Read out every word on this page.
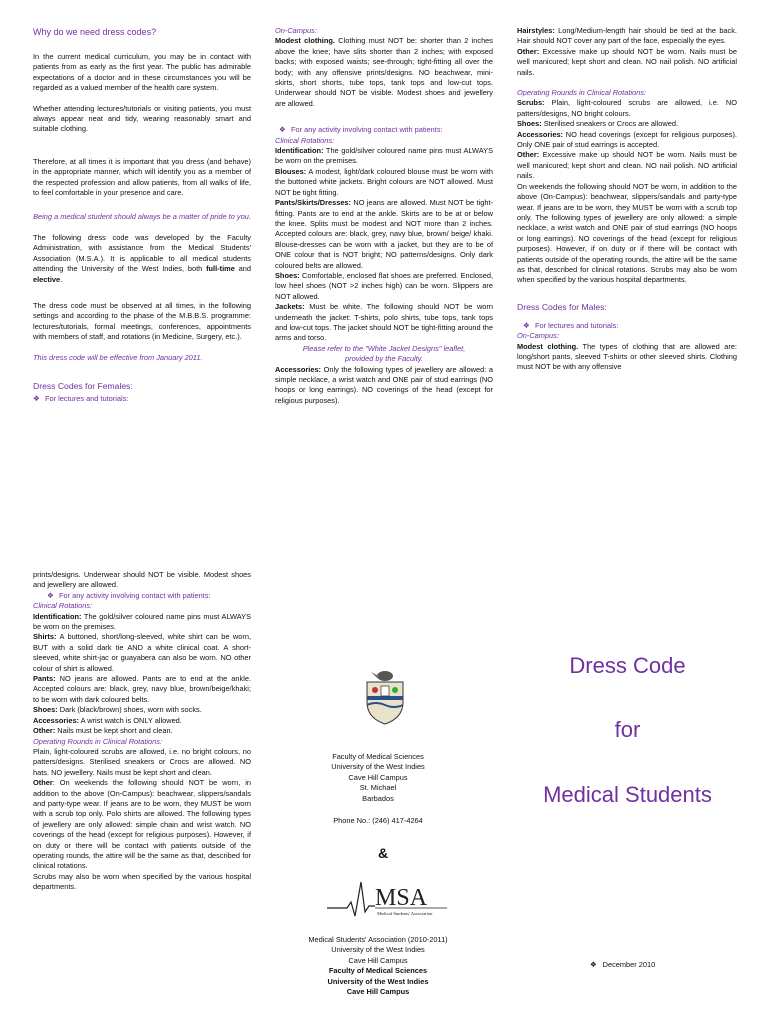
Why do we need dress codes?

In the current medical curriculum, you may be in contact with patients from as early as the first year. The public has admirable expectations of a doctor and in these circumstances you will be regarded as a valued member of the health care system.

Whether attending lectures/tutorials or visiting patients, you must always appear neat and tidy, wearing reasonably smart and suitable clothing.

Therefore, at all times it is important that you dress (and behave) in the appropriate manner, which will identify you as a member of the respected profession and allow patients, from all walks of life, to feel comfortable in your presence and care.

Being a medical student should always be a matter of pride to you.

The following dress code was developed by the Faculty Administration, with assistance from the Medical Students' Association (M.S.A.). It is applicable to all medical students attending the University of the West Indies, both full-time and elective.

The dress code must be observed at all times, in the following settings and according to the phase of the M.B.B.S. programme: lectures/tutorials, formal meetings, conferences, appointments with members of staff, and rotations (in Medicine, Surgery, etc.).

This dress code will be effective from January 2011.

Dress Codes for Females:
❖ For lectures and tutorials:
On-Campus:

Modest clothing. Clothing must NOT be: shorter than 2 inches above the knee; have slits shorter than 2 inches; with exposed backs; with exposed waists; see-through; tight-fitting all over the body; with any offensive prints/designs. NO beachwear, mini-skirts, short shorts, tube tops, tank tops and low-cut tops. Underwear should NOT be visible. Modest shoes and jewellery are allowed.

❖ For any activity involving contact with patients:
Clinical Rotations:

Identification: The gold/silver coloured name pins must ALWAYS be worn on the premises.

Blouses: A modest, light/dark coloured blouse must be worn with the buttoned white jackets. Bright colours are NOT allowed. Must NOT be tight fitting.

Pants/Skirts/Dresses: NO jeans are allowed. Must NOT be tight-fitting. Pants are to end at the ankle. Skirts are to be at or below the knee. Splits must be modest and NOT more than 2 inches. Accepted colours are: black, grey, navy blue, brown/ beige/ khaki. Blouse-dresses can be worn with a jacket, but they are to be of ONE colour that is NOT bright; NO patterns/designs. Only dark coloured belts are allowed.

Shoes: Comfortable, enclosed flat shoes are preferred. Enclosed, low heel shoes (NOT >2 inches high) can be worn. Slippers are NOT allowed.

Jackets: Must be white. The following should NOT be worn underneath the jacket: T-shirts, polo shirts, tube tops, tank tops and low-cut tops. The jacket should NOT be tight-fitting around the arms and torso.

Please refer to the "White Jacket Designs" leaflet, provided by the Faculty.

Accessories: Only the following types of jewellery are allowed: a simple necklace, a wrist watch and ONE pair of stud earrings (NO hoops or long earrings). NO coverings of the head (except for religious purposes).

Hairstyles: Long/Medium-length hair should be tied at the back. Hair should NOT cover any part of the face, especially the eyes.

Other: Excessive make up should NOT be worn. Nails must be well manicured; kept short and clean. NO nail polish. NO artificial nails.

Operating Rounds in Clinical Rotations:

Scrubs: Plain, light-coloured scrubs are allowed, i.e. NO patters/designs, NO bright colours.

Shoes: Sterilised sneakers or Crocs are allowed.

Accessories: NO head coverings (except for religious purposes). Only ONE pair of stud earrings is accepted.

Other: Excessive make up should NOT be worn. Nails must be well manicured; kept short and clean. NO nail polish. NO artificial nails.

On weekends the following should NOT be worn, in addition to the above (On-Campus): beachwear, slippers/sandals and party-type wear. If jeans are to be worn, they MUST be worn with a scrub top only. The following types of jewellery are only allowed: a simple necklace, a wrist watch and ONE pair of stud earrings (NO hoops or long earrings). NO coverings of the head (except for religious purposes). However, if on duty or if there will be contact with patients outside of the operating rounds, the attire will be the same as that, described for clinical rotations. Scrubs may also be worn when specified by the various hospital departments.

Dress Codes for Males:
❖ For lectures and tutorials:
On-Campus:

Modest clothing. The types of clothing that are allowed are: long/short pants, sleeved T-shirts or other sleeved shirts. Clothing must NOT be with any offensive

prints/designs. Underwear should NOT be visible. Modest shoes and jewellery are allowed.

❖ For any activity involving contact with patients:
Clinical Rotations:

Identification: The gold/silver coloured name pins must ALWAYS be worn on the premises.

Shirts: A buttoned, short/long-sleeved, white shirt can be worn, BUT with a solid dark tie AND a white clinical coat. A short-sleeved, white shirt-jac or guayabera can also be worn. NO other colour of shirt is allowed.

Pants: NO jeans are allowed. Pants are to end at the ankle. Accepted colours are: black, grey, navy blue, brown/beige/khaki; to be worn with dark coloured belts.

Shoes: Dark (black/brown) shoes, worn with socks.

Accessories: A wrist watch is ONLY allowed.

Other: Nails must be kept short and clean.

Operating Rounds in Clinical Rotations:

Plain, light-coloured scrubs are allowed, i.e. no bright colours, no patters/designs. Sterilised sneakers or Crocs are allowed. NO hats. NO jewellery. Nails must be kept short and clean.

Other: On weekends the following should NOT be worn, in addition to the above (On-Campus): beachwear, slippers/sandals and party-type wear. If jeans are to be worn, they MUST be worn with a scrub top only. Polo shirts are allowed. The following types of jewellery are only allowed: simple chain and wrist watch. NO coverings of the head (except for religious purposes). However, if on duty or there will be contact with patients outside of the operating rounds, the attire will be the same as that, described for clinical rotations.

Scrubs may also be worn when specified by the various hospital departments.

Faculty of Medical Sciences
University of the West Indies
Cave Hill Campus
St. Michael
Barbados
Phone No.: (246) 417-4264
&
MSA
Medical Students' Association
Medical Students' Association (2010-2011)
University of the West Indies
Cave Hill Campus
Faculty of Medical Sciences
University of the West Indies
Cave Hill Campus
Dress Code
for
Medical Students
❖ December 2010
